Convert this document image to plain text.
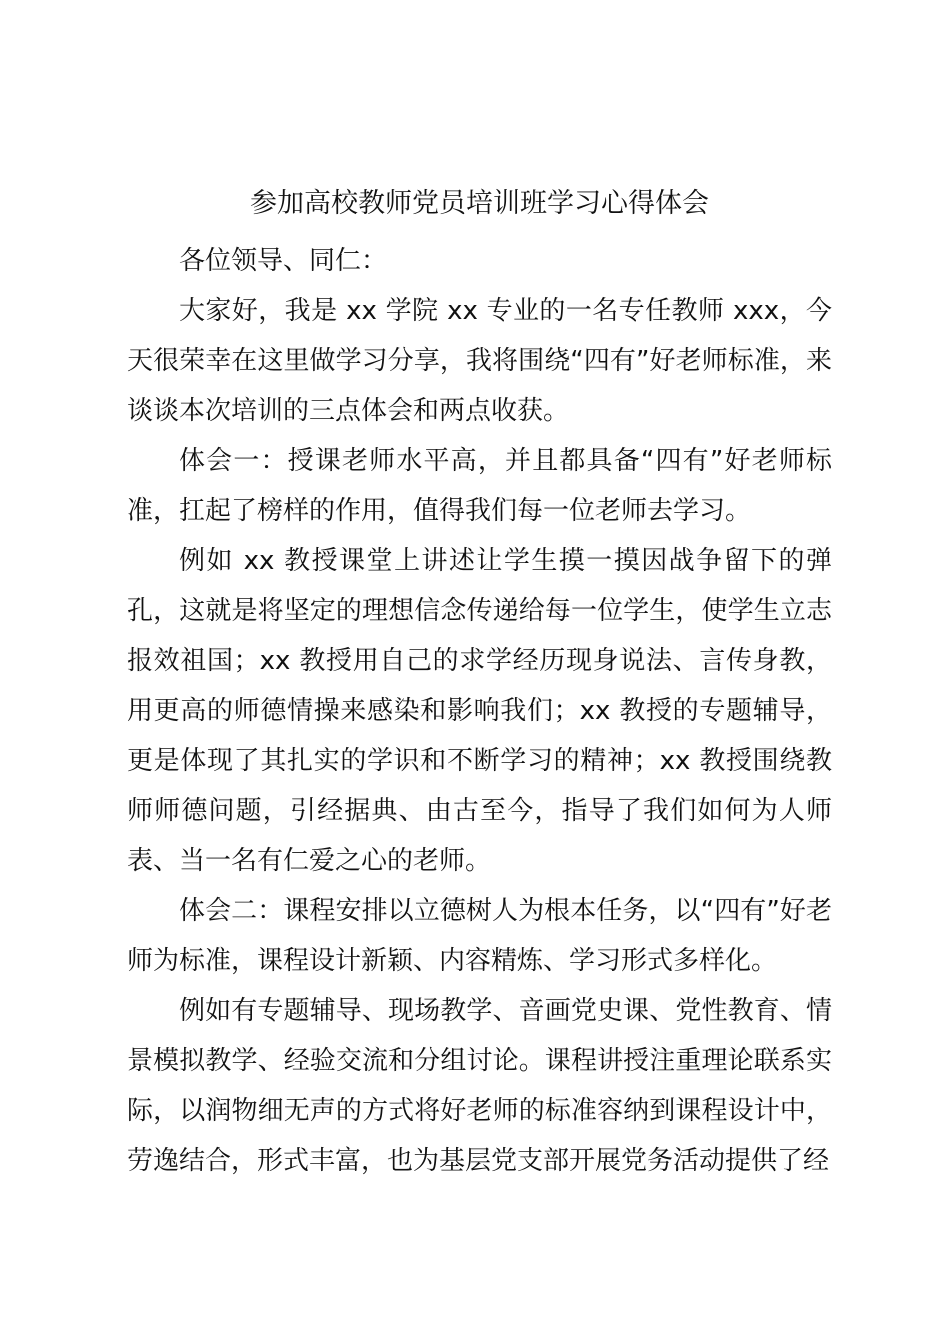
参加高校教师党员培训班学习心得体会

各位领导、同仁：

大家好，我是 xx 学院 xx 专业的一名专任教师 xxx，今天很荣幸在这里做学习分享，我将围绕“四有”好老师标准，来谈谈本次培训的三点体会和两点收获。

体会一：授课老师水平高，并且都具备“四有”好老师标准，扛起了榜样的作用，值得我们每一位老师去学习。

例如 xx 教授课堂上讲述让学生摸一摸因战争留下的弹孔，这就是将坚定的理想信念传递给每一位学生，使学生立志报效祖国；xx 教授用自己的求学经历现身说法、言传身教，用更高的师德情操来感染和影响我们；xx 教授的专题辅导，更是体现了其扎实的学识和不断学习的精神；xx 教授围绕教师师德问题，引经据典、由古至今，指导了我们如何为人师表、当一名有仁爱之心的老师。

体会二：课程安排以立德树人为根本任务，以“四有”好老师为标准，课程设计新颖、内容精炼、学习形式多样化。

例如有专题辅导、现场教学、音画党史课、党性教育、情景模拟教学、经验交流和分组讨论。课程讲授注重理论联系实际，以润物细无声的方式将好老师的标准容纳到课程设计中，劳逸结合，形式丰富，也为基层党支部开展党务活动提供了经
